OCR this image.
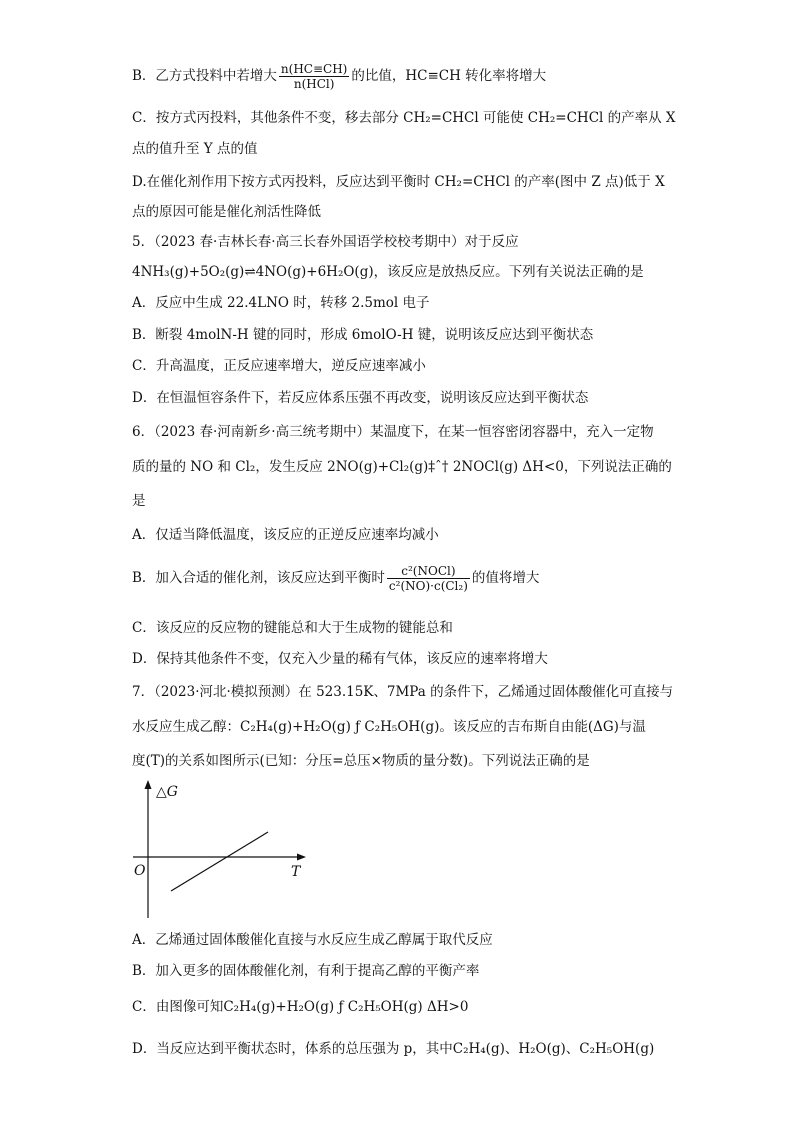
B．乙方式投料中若增大 $\frac{n(HC\equiv CH)}{\text{n(HCl)}}$ 的比值，HC≡CH 转化率将增大
C．按方式丙投料，其他条件不变，移去部分 CH₂=CHCl 可能使 CH₂=CHCl 的产率从 X
点的值升至 Y 点的值
D.在催化剂作用下按方式丙投料，反应达到平衡时 CH₂=CHCl 的产率(图中 Z 点)低于 X
点的原因可能是催化剂活性降低
5．（2023 春·吉林长春·高三长春外国语学校校考期中）对于反应
4NH₃(g)+5O₂(g)⇌4NO(g)+6H₂O(g)，该反应是放热反应。下列有关说法正确的是
A．反应中生成 22.4LNO 时，转移 2.5mol 电子
B．断裂 4molN-H 键的同时，形成 6molO-H 键，说明该反应达到平衡状态
C．升高温度，正反应速率增大，逆反应速率减小
D．在恒温恒容条件下，若反应体系压强不再改变，说明该反应达到平衡状态
6．（2023 春·河南新乡·高三统考期中）某温度下，在某一恒容密闭容器中，充入一定物
质的量的 NO 和 Cl₂，发生反应 2NO(g)+Cl₂(g)‡ˆ† 2NOCl(g) ΔH<0，下列说法正确的
是
A．仅适当降低温度，该反应的正逆反应速率均减小
B．加入合适的催化剂，该反应达到平衡时 $\frac{\text{c²(NOCl)}}{\text{c²(NO)·c(Cl₂)}}$ 的值将增大
C．该反应的反应物的键能总和大于生成物的键能总和
D．保持其他条件不变，仅充入少量的稀有气体，该反应的速率将增大
7．（2023·河北·模拟预测）在 523.15K、7MPa 的条件下，乙烯通过固体酸催化可直接与
水反应生成乙醇：C₂H₄(g)+H₂O(g) ƒ C₂H₅OH(g)。该反应的吉布斯自由能(ΔG)与温
度(T)的关系如图所示(已知：分压=总压×物质的量分数)。下列说法正确的是
△G
T
O
A．乙烯通过固体酸催化直接与水反应生成乙醇属于取代反应
B．加入更多的固体酸催化剂，有利于提高乙醇的平衡产率
C．由图像可知C₂H₄(g)+H₂O(g) ƒ C₂H₅OH(g) ΔH>0
D．当反应达到平衡状态时，体系的总压强为 p，其中C₂H₄(g)、H₂O(g)、C₂H₅OH(g)
